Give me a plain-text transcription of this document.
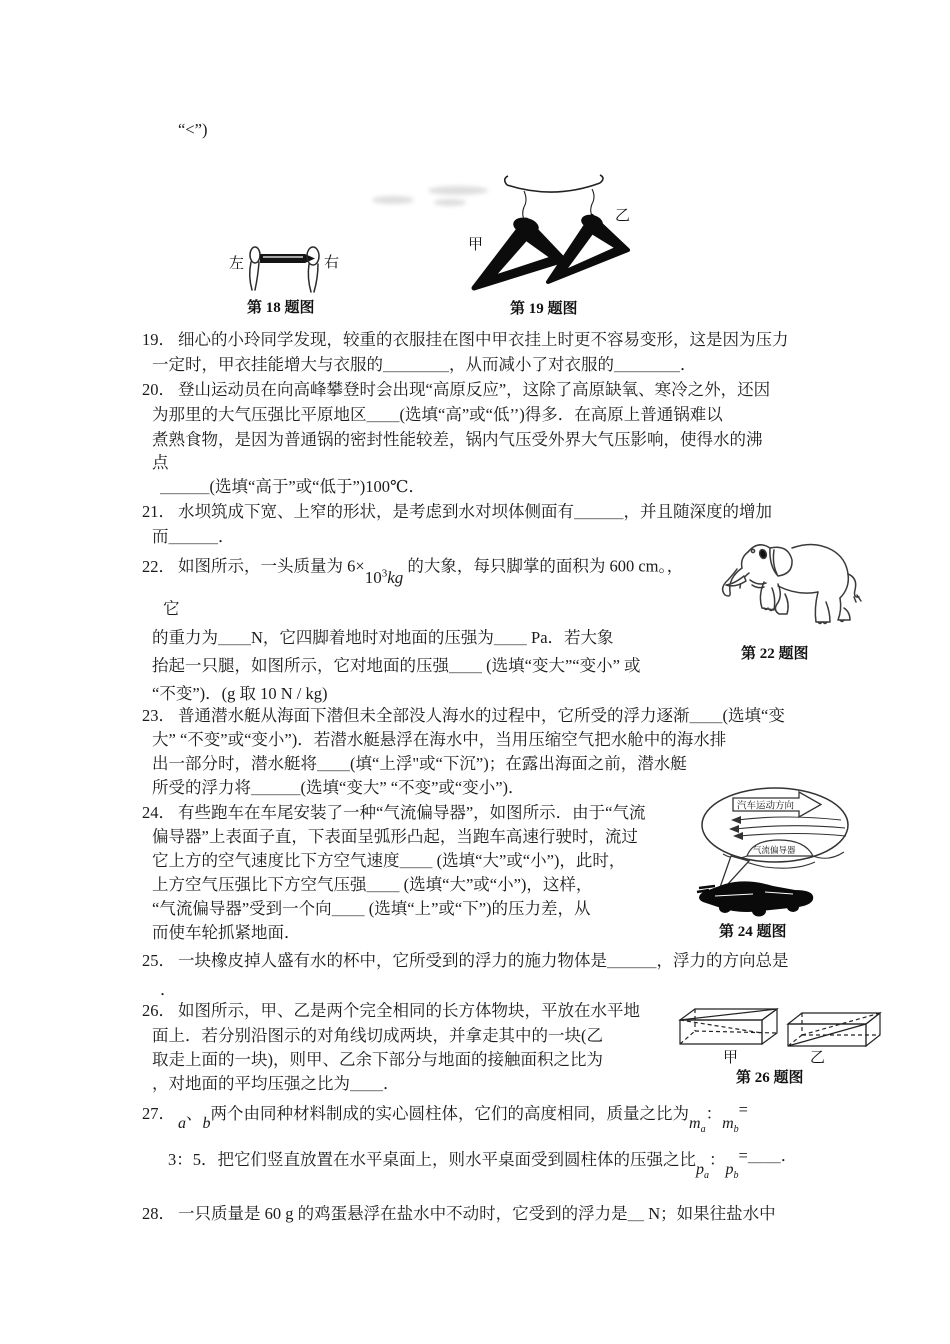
“<”)
左	右
第 18 题图
甲
乙
第 19 题图
19． 细心的小玲同学发现，较重的衣服挂在图中甲衣挂上时更不容易变形，这是因为压力
一定时，甲衣挂能增大与衣服的＿＿＿＿，从而减小了对衣服的＿＿＿＿．
20． 登山运动员在向高峰攀登时会出现“高原反应”，这除了高原缺氧、寒冷之外，还因
为那里的大气压强比平原地区＿＿(选填“高”或“低’’)得多．在高原上普通锅难以
煮熟食物，是因为普通锅的密封性能较差，锅内气压受外界大气压影响，使得水的沸
点
＿＿＿(选填“高于”或“低于”)100℃．
21． 水坝筑成下宽、上窄的形状，是考虑到水对坝体侧面有＿＿＿，并且随深度的增加
而＿＿＿．
第 22 题图
22． 如图所示，一头质量为 $6\times 10^3kg$ 的大象，每只脚掌的面积为 600 cm。，
它
的重力为＿＿N，它四脚着地时对地面的压强为＿＿ Pa．若大象
抬起一只腿，如图所示，它对地面的压强＿＿ (选填“变大”“变小” 或
“不变”)．(g 取 10 N / kg)
23． 普通潜水艇从海面下潜但未全部没人海水的过程中，它所受的浮力逐渐＿＿(选填“变
大” “不变”或“变小”)．若潜水艇悬浮在海水中，当用压缩空气把水舱中的海水排
出一部分时，潜水艇将＿＿(填“上浮"或“下沉”)；在露出海面之前，潜水艇
所受的浮力将＿＿＿(选填“变大” “不变”或“变小”)．
汽车运动方向
气流偏导器
第 24 题图
24． 有些跑车在车尾安装了一种“气流偏导器”，如图所示．由于“气流
偏导器”上表面子直，下表面呈弧形凸起，当跑车高速行驶时，流过
它上方的空气速度比下方空气速度＿＿ (选填“大”或“小”)，此时，
上方空气压强比下方空气压强＿＿ (选填“大”或“小”)，这样，
“气流偏导器”受到一个向＿＿ (选填“上”或“下”)的压力差，从
而使车轮抓紧地面．
25． 一块橡皮掉人盛有水的杯中，它所受到的浮力的施力物体是＿＿＿，浮力的方向总是
．
甲	乙
第 26 题图
26． 如图所示，甲、乙是两个完全相同的长方体物块，平放在水平地
面上．若分别沿图示的对角线切成两块，并拿走其中的一块(乙
取走上面的一块)，则甲、乙余下部分与地面的接触面积之比为
，对地面的平均压强之比为＿＿．
27．a、b两个由同种材料制成的实心圆柱体，它们的高度相同，质量之比为$m_a$：$m_b=$
3：5．把它们竖直放置在水平桌面上，则水平桌面受到圆柱体的压强之比$p_a$：$p_b=\_\_$．
28． 一只质量是 60 g 的鸡蛋悬浮在盐水中不动时，它受到的浮力是＿ N；如果往盐水中
